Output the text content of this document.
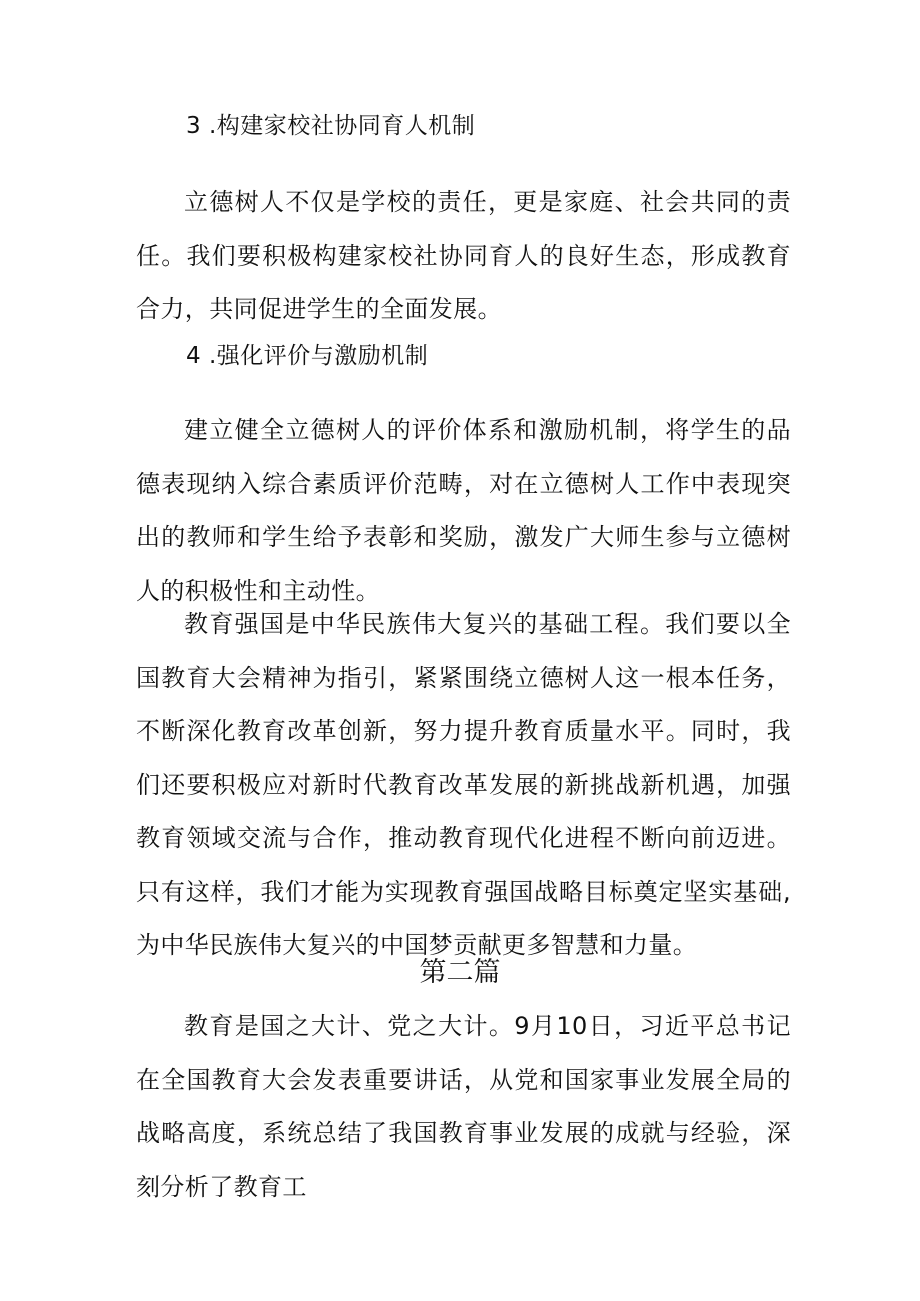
3 .构建家校社协同育人机制

立德树人不仅是学校的责任，更是家庭、社会共同的责任。我们要积极构建家校社协同育人的良好生态，形成教育合力，共同促进学生的全面发展。

4 .强化评价与激励机制

建立健全立德树人的评价体系和激励机制，将学生的品德表现纳入综合素质评价范畴，对在立德树人工作中表现突出的教师和学生给予表彰和奖励，激发广大师生参与立德树人的积极性和主动性。

教育强国是中华民族伟大复兴的基础工程。我们要以全国教育大会精神为指引，紧紧围绕立德树人这一根本任务，不断深化教育改革创新，努力提升教育质量水平。同时，我们还要积极应对新时代教育改革发展的新挑战新机遇，加强教育领域交流与合作，推动教育现代化进程不断向前迈进。只有这样，我们才能为实现教育强国战略目标奠定坚实基础,为中华民族伟大复兴的中国梦贡献更多智慧和力量。

第二篇

教育是国之大计、党之大计。9月10日，习近平总书记在全国教育大会发表重要讲话，从党和国家事业发展全局的战略高度，系统总结了我国教育事业发展的成就与经验，深刻分析了教育工
